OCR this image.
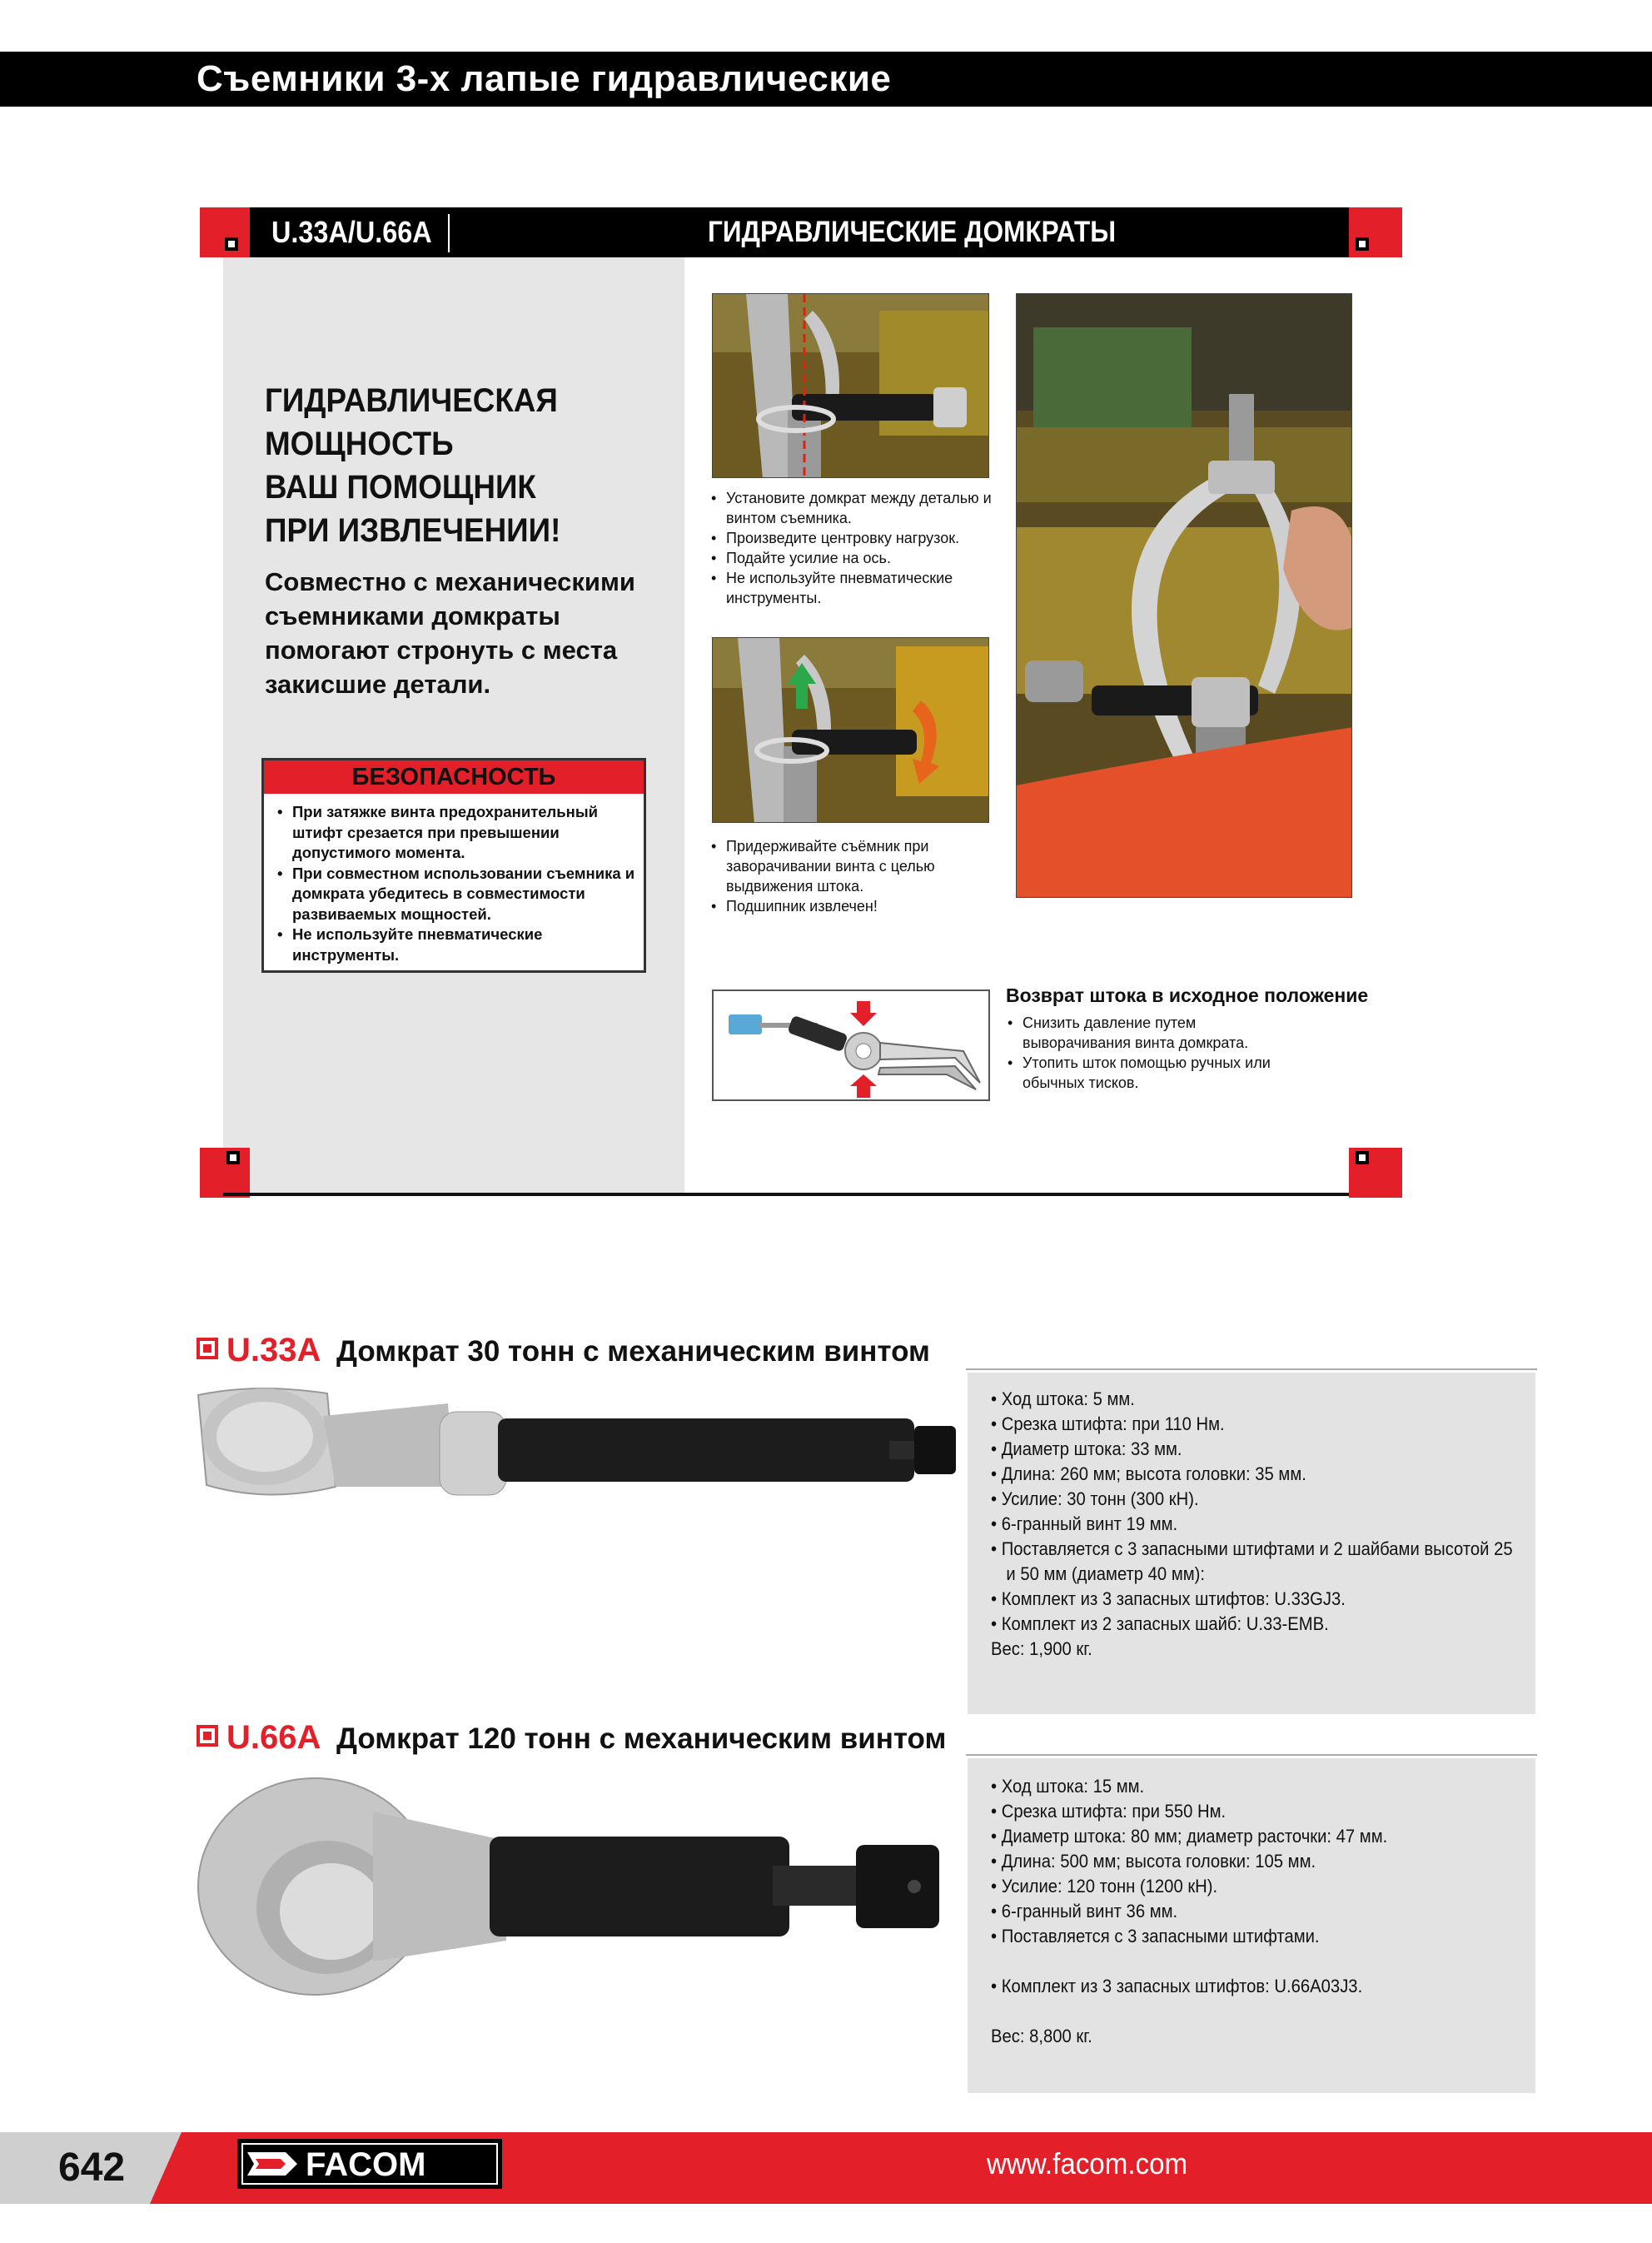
Съемники 3-х лапые гидравлические
U.33A/U.66A	ГИДРАВЛИЧЕСКИЕ ДОМКРАТЫ
ГИДРАВЛИЧЕСКАЯ
МОЩНОСТЬ
ВАШ ПОМОЩНИК
ПРИ ИЗВЛЕЧЕНИИ!
Совместно с механическими
съемниками домкраты
помогают стронуть с места
закисшие детали.
БЕЗОПАСНОСТЬ
• При затяжке винта предохранительный
штифт срезается при превышении
допустимого момента.
• При совместном использовании съемника и
домкрата убедитесь в совместимости
развиваемых мощностей.
• Не используйте пневматические
инструменты.
• Установите домкрат между деталью и
винтом съемника.
• Произведите центровку нагрузок.
• Подайте усилие на ось.
• Не используйте пневматические
инструменты.
• Придерживайте съёмник при
заворачивании винта с целью
выдвижения штока.
• Подшипник извлечен!
Возврат штока в исходное положение
• Снизить давление путем
выворачивания винта домкрата.
• Утопить шток помощью ручных или
обычных тисков.
U.33A Домкрат 30 тонн с механическим винтом
• Ход штока: 5 мм.
• Срезка штифта: при 110 Нм.
• Диаметр штока: 33 мм.
• Длина: 260 мм; высота головки: 35 мм.
• Усилие: 30 тонн (300 кН).
• 6-гранный винт 19 мм.
• Поставляется с 3 запасными штифтами и 2 шайбами высотой 25
и 50 мм (диаметр 40 мм):
• Комплект из 3 запасных штифтов: U.33GJ3.
• Комплект из 2 запасных шайб: U.33-EMB.
Вес: 1,900 кг.
U.66A Домкрат 120 тонн с механическим винтом
• Ход штока: 15 мм.
• Срезка штифта: при 550 Нм.
• Диаметр штока: 80 мм; диаметр расточки: 47 мм.
• Длина: 500 мм; высота головки: 105 мм.
• Усилие: 120 тонн (1200 кН).
• 6-гранный винт 36 мм.
• Поставляется с 3 запасными штифтами.
• Комплект из 3 запасных штифтов: U.66A03J3.
Вес: 8,800 кг.
642	FACOM	www.facom.com
